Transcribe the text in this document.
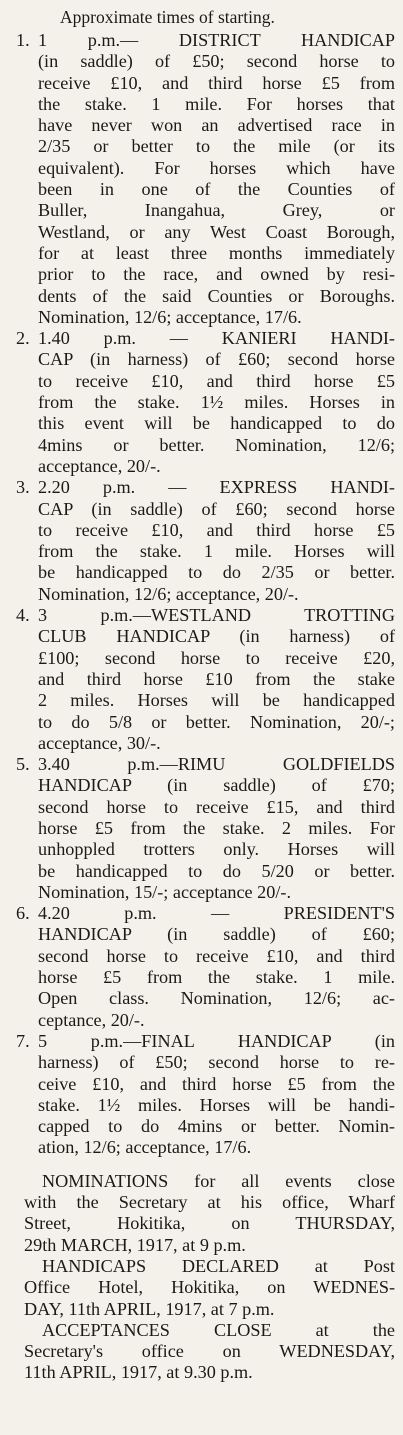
Approximate times of starting.
1. 1 p.m.— DISTRICT HANDICAP
(in saddle) of £50; second horse to
receive £10, and third horse £5 from
the stake. 1 mile. For horses that
have never won an advertised race in
2/35 or better to the mile (or its
equivalent). For horses which have
been in one of the Counties of
Buller, Inangahua, Grey, or
Westland, or any West Coast Borough,
for at least three months immediately
prior to the race, and owned by resi-
dents of the said Counties or Boroughs.
Nomination, 12/6; acceptance, 17/6.
2. 1.40 p.m. — KANIERI HANDI-
CAP (in harness) of £60; second horse
to receive £10, and third horse £5
from the stake. 1½ miles. Horses in
this event will be handicapped to do
4mins or better. Nomination, 12/6;
acceptance, 20/-.
3. 2.20 p.m. — EXPRESS HANDI-
CAP (in saddle) of £60; second horse
to receive £10, and third horse £5
from the stake. 1 mile. Horses will
be handicapped to do 2/35 or better.
Nomination, 12/6; acceptance, 20/-.
4. 3 p.m.—WESTLAND TROTTING
CLUB HANDICAP (in harness) of
£100; second horse to receive £20,
and third horse £10 from the stake
2 miles. Horses will be handicapped
to do 5/8 or better. Nomination, 20/-;
acceptance, 30/-.
5. 3.40 p.m.—RIMU GOLDFIELDS
HANDICAP (in saddle) of £70;
second horse to receive £15, and third
horse £5 from the stake. 2 miles. For
unhoppled trotters only. Horses will
be handicapped to do 5/20 or better.
Nomination, 15/-; acceptance 20/-.
6. 4.20 p.m. — PRESIDENT'S
HANDICAP (in saddle) of £60;
second horse to receive £10, and third
horse £5 from the stake. 1 mile.
Open class. Nomination, 12/6; ac-
ceptance, 20/-.
7. 5 p.m.—FINAL HANDICAP (in
harness) of £50; second horse to re-
ceive £10, and third horse £5 from the
stake. 1½ miles. Horses will be handi-
capped to do 4mins or better. Nomin-
ation, 12/6; acceptance, 17/6.
NOMINATIONS for all events close
with the Secretary at his office, Wharf
Street, Hokitika, on THURSDAY,
29th MARCH, 1917, at 9 p.m.
HANDICAPS DECLARED at Post
Office Hotel, Hokitika, on WEDNES-
DAY, 11th APRIL, 1917, at 7 p.m.
ACCEPTANCES CLOSE at the
Secretary's office on WEDNESDAY,
11th APRIL, 1917, at 9.30 p.m.
